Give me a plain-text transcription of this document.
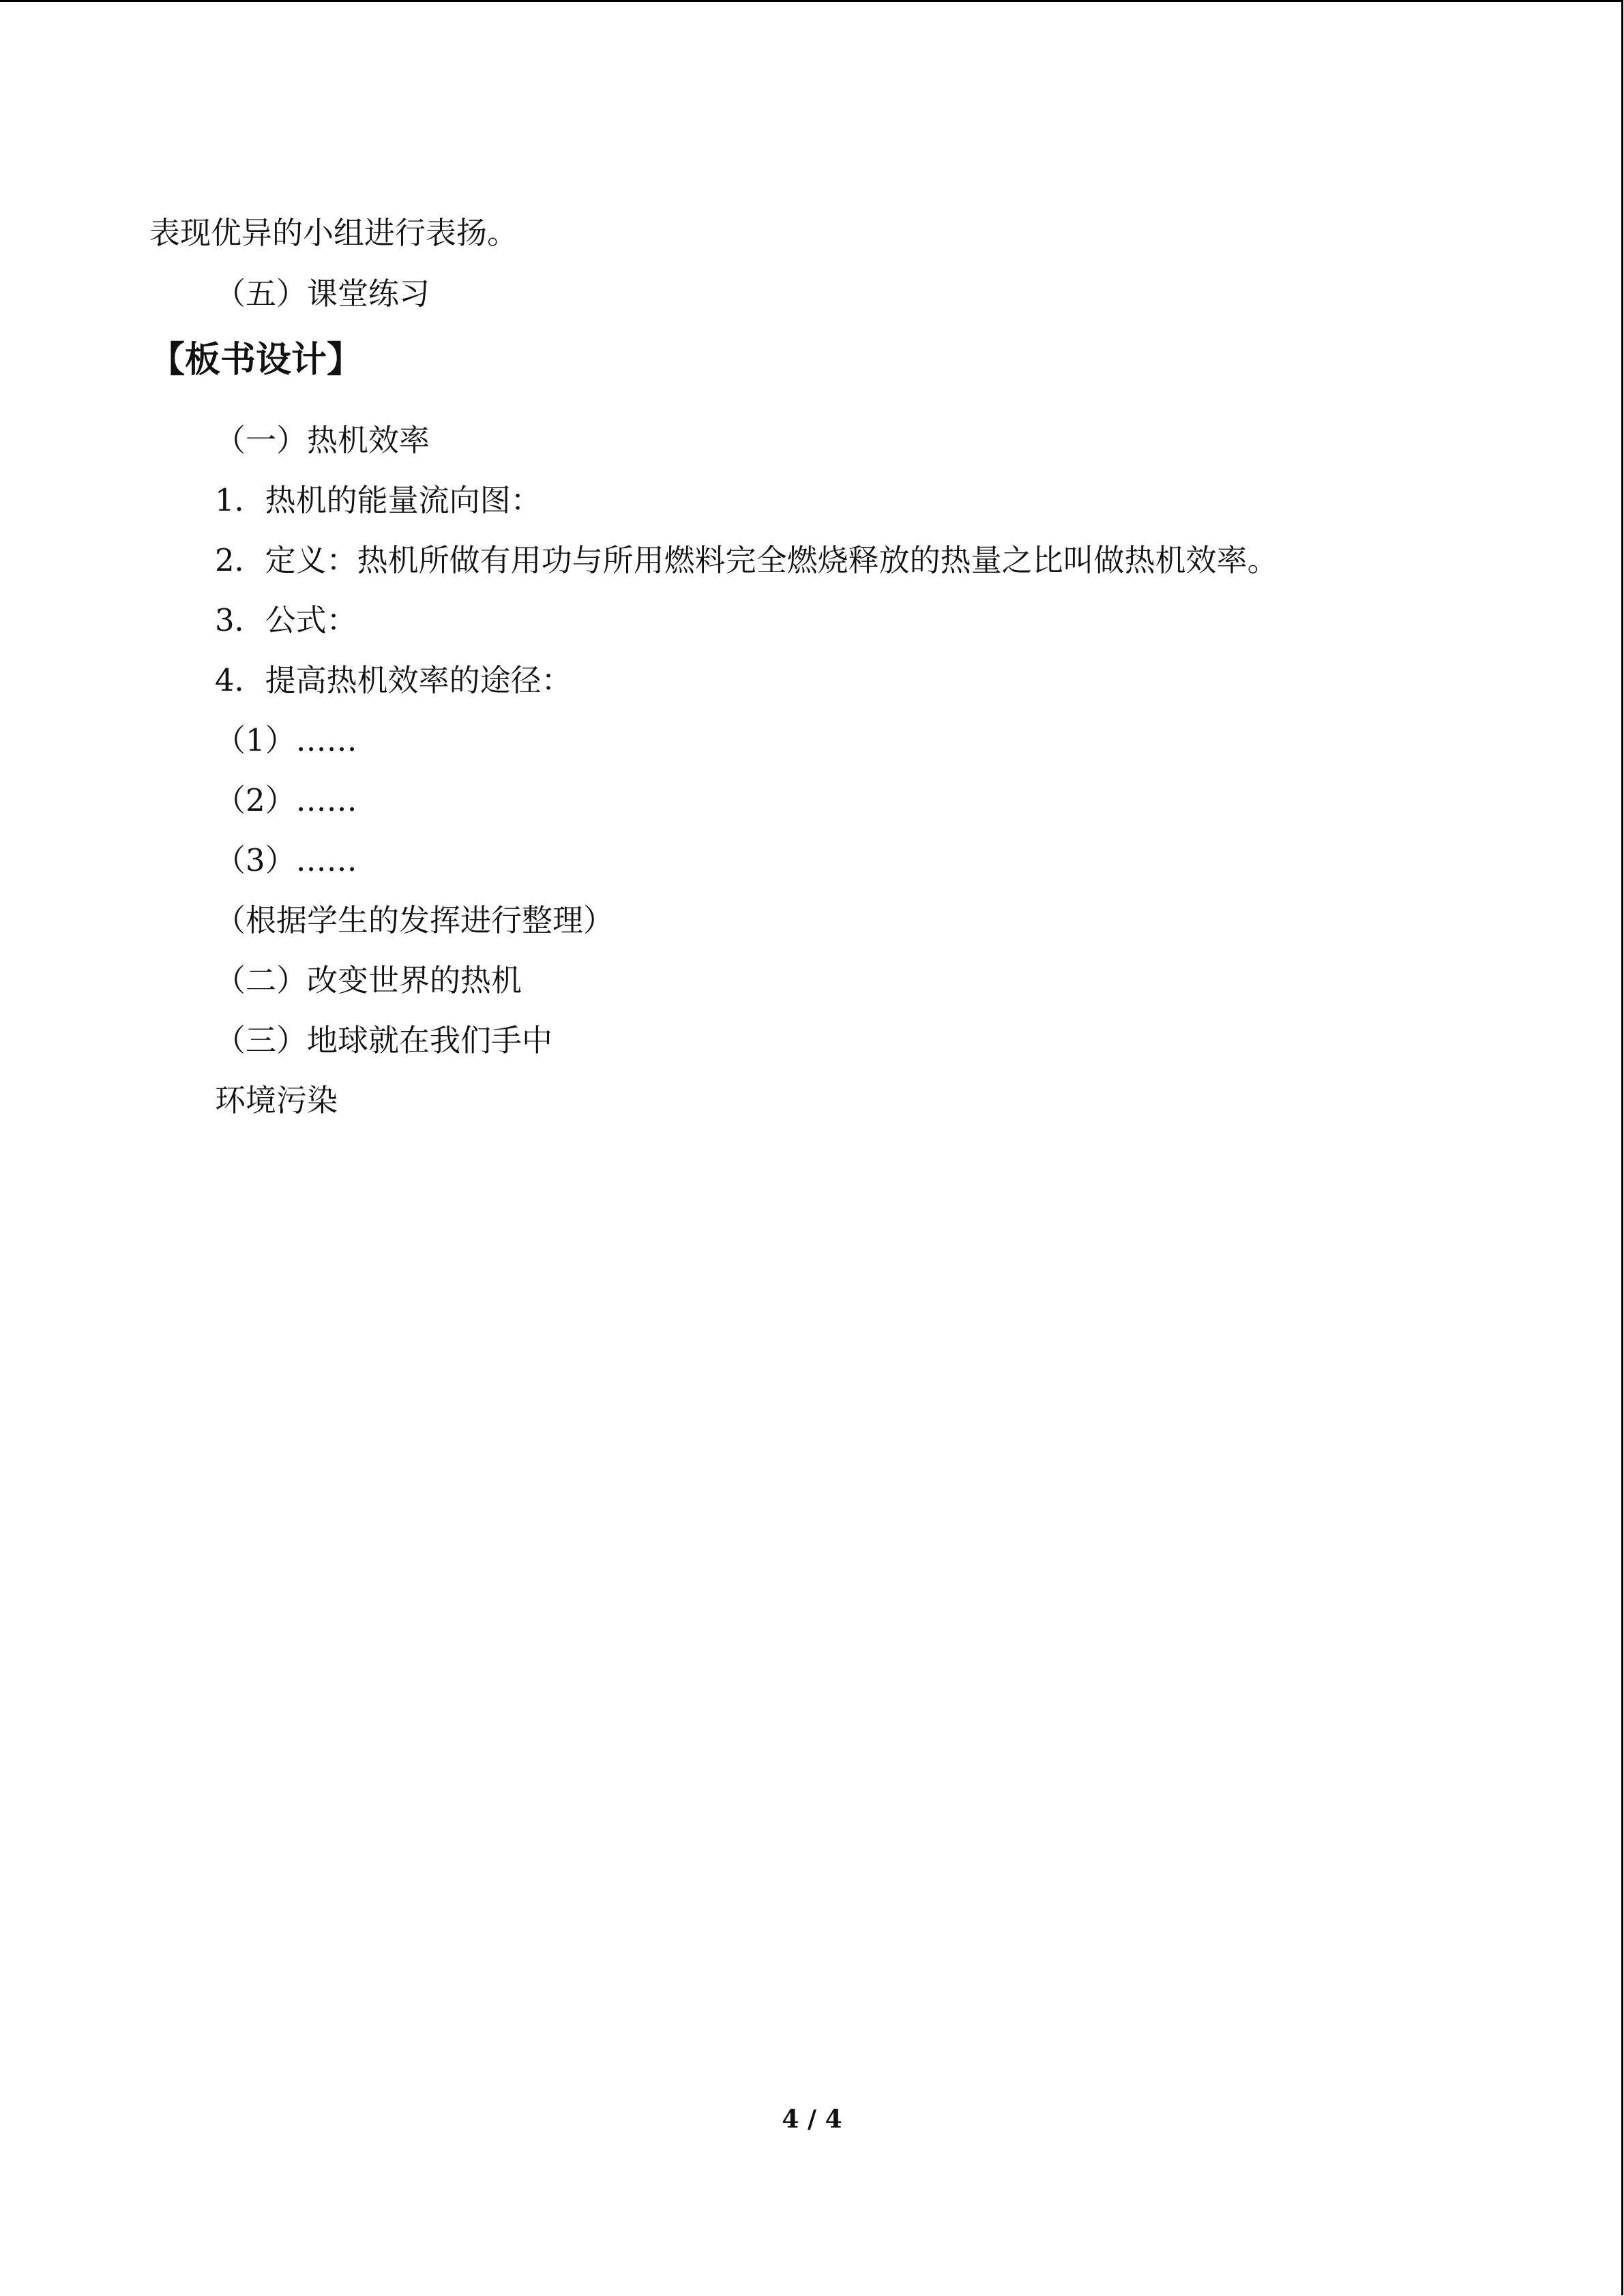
表现优异的小组进行表扬。
（五）课堂练习
【板书设计】
（一）热机效率
1．热机的能量流向图：
2．定义：热机所做有用功与所用燃料完全燃烧释放的热量之比叫做热机效率。
3．公式：
4．提高热机效率的途径：
（1）……
（2）……
（3）……
（根据学生的发挥进行整理）
（二）改变世界的热机
（三）地球就在我们手中
环境污染
4 / 4
